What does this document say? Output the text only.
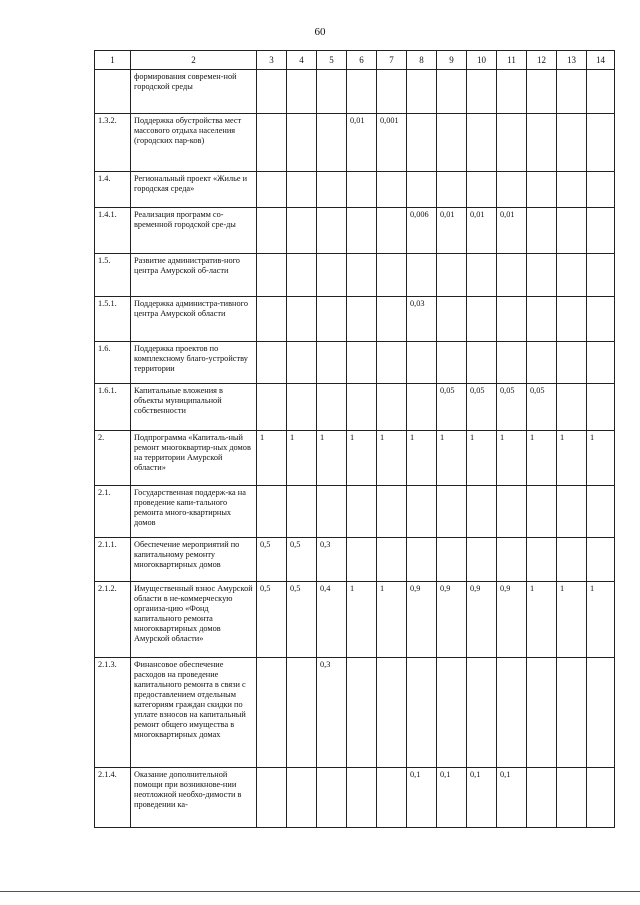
60
1	2	3	4	5	6	7	8	9	10	11	12	13	14
	формирования современ-ной городской среды												
1.3.2.	Поддержка обустройства мест массового отдыха населения (городских пар-ков)				0,01	0,001							
1.4.	Региональный проект «Жилье и городская среда»												
1.4.1.	Реализация программ со-временной городской сре-ды						0,006	0,01	0,01	0,01			
1.5.	Развитие административ-ного центра Амурской об-ласти												
1.5.1.	Поддержка администра-тивного центра Амурской области						0,03						
1.6.	Поддержка проектов по комплексному благо-устройству территории												
1.6.1.	Капитальные вложения в объекты муниципальной собственности							0,05	0,05	0,05	0,05		
2.	Подпрограмма «Капиталь-ный ремонт многоквартир-ных домов на территории Амурской области»	1	1	1	1	1	1	1	1	1	1	1	1
2.1.	Государственная поддерж-ка на проведение капи-тального ремонта много-квартирных домов												
2.1.1.	Обеспечение мероприятий по капитальному ремонту многоквартирных домов	0,5	0,5	0,3									
2.1.2.	Имущественный взнос Амурской области в не-коммерческую организа-цию «Фонд капитального ремонта многоквартирных домов Амурской области»	0,5	0,5	0,4	1	1	0,9	0,9	0,9	0,9	1	1	1
2.1.3.	Финансовое обеспечение расходов на проведение капитального ремонта в связи с предоставлением отдельным категориям граждан скидки по уплате взносов на капитальный ремонт общего имущества в многоквартирных домах			0,3									
2.1.4.	Оказание дополнительной помощи при возникнове-нии неотложной необхо-димости в проведении ка-						0,1	0,1	0,1	0,1			
